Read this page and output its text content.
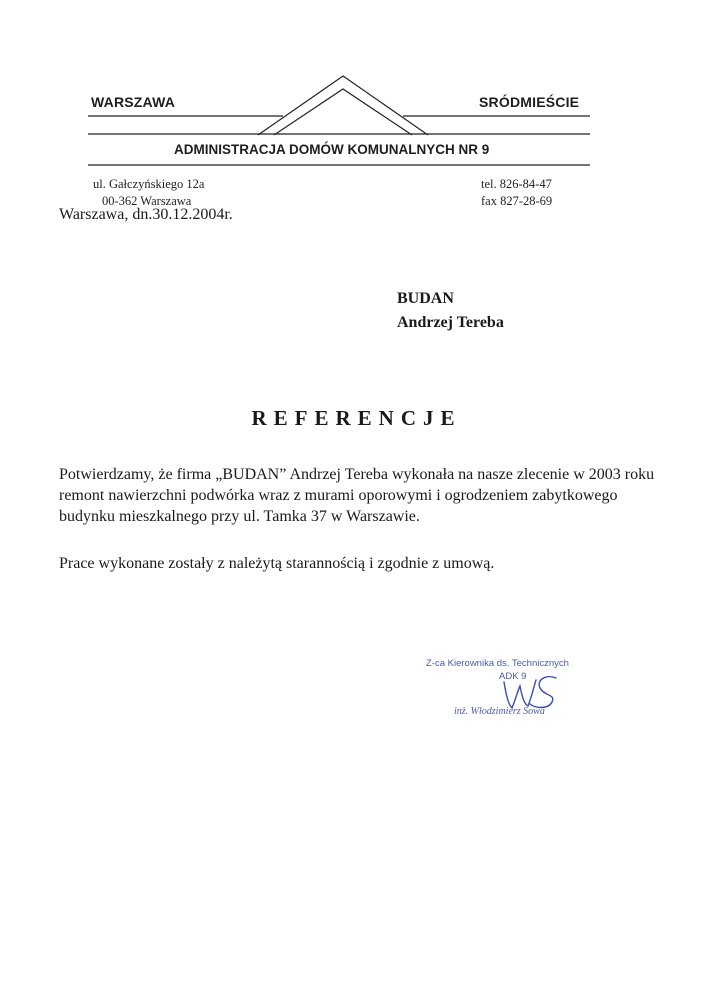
WARSZAWA	SRÓDMIEŚCIE
ADMINISTRACJA DOMÓW KOMUNALNYCH NR 9
ul. Gałczyńskiego 12a
00-362 Warszawa
tel. 826-84-47
fax 827-28-69
Warszawa, dn.30.12.2004r.
BUDAN
Andrzej Tereba
REFERENCJE
Potwierdzamy, że firma „BUDAN” Andrzej Tereba wykonała na nasze zlecenie w 2003 roku remont nawierzchni podwórka wraz z murami oporowymi i ogrodzeniem zabytkowego budynku mieszkalnego przy ul. Tamka 37 w Warszawie.
Prace wykonane zostały z należytą starannością i zgodnie z umową.
Z-ca Kierownika ds. Technicznych
ADK 9
inż. Włodzimierz Sowa
